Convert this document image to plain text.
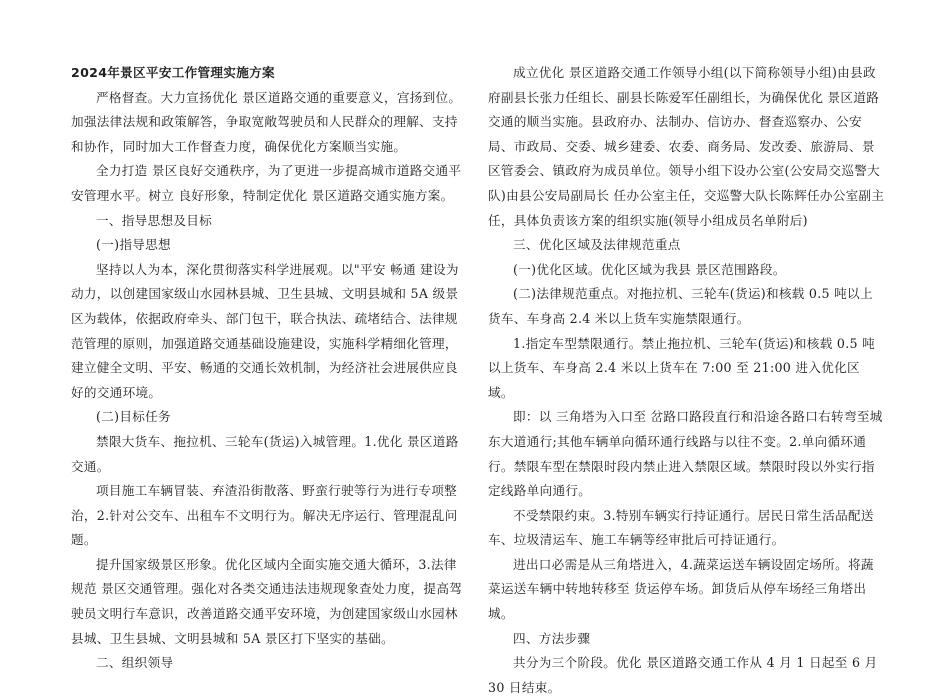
2024年景区平安工作管理实施方案

严格督查。大力宣扬优化 景区道路交通的重要意义，宫扬到位。加强法律法规和政策解答，争取宽敞驾驶员和人民群众的理解、支持和协作，同时加大工作督查力度，确保优化方案顺当实施。

全力打造 景区良好交通秩序，为了更进一步提高城市道路交通平安管理水平。树立 良好形象，特制定优化 景区道路交通实施方案。

一、指导思想及目标

(一)指导思想

坚持以人为本，深化贯彻落实科学进展观。以"平安 畅通 建设为动力，以创建国家级山水园林县城、卫生县城、文明县城和 5A 级景区为载体，依据政府牵头、部门包干，联合执法、疏堵结合、法律规范管理的原则，加强道路交通基础设施建设，实施科学精细化管理，建立健全文明、平安、畅通的交通长效机制，为经济社会进展供应良好的交通环境。

(二)目标任务

禁限大货车、拖拉机、三轮车(货运)入城管理。1.优化 景区道路交通。

项目施工车辆冒装、弃渣沿街散落、野蛮行驶等行为进行专项整治，2.针对公交车、出租车不文明行为。解决无序运行、管理混乱问题。

提升国家级景区形象。优化区域内全面实施交通大循环，3.法律规范 景区交通管理。强化对各类交通违法违规现象查处力度，提高驾驶员文明行车意识，改善道路交通平安环境，为创建国家级山水园林县城、卫生县城、文明县城和 5A 景区打下坚实的基础。

二、组织领导

成立优化 景区道路交通工作领导小组(以下简称领导小组)由县政府副县长张力任组长、副县长陈爱军任副组长，为确保优化 景区道路交通的顺当实施。县政府办、法制办、信访办、督查巡察办、公安局、市政局、交委、城乡建委、农委、商务局、发改委、旅游局、景区管委会、镇政府为成员单位。领导小组下设办公室(公安局交巡警大队)由县公安局副局长 任办公室主任，交巡警大队长陈辉任办公室副主任，具体负责该方案的组织实施(领导小组成员名单附后)

三、优化区域及法律规范重点

(一)优化区域。优化区域为我县 景区范围路段。

(二)法律规范重点。对拖拉机、三轮车(货运)和核载 0.5 吨以上货车、车身高 2.4 米以上货车实施禁限通行。

1.指定车型禁限通行。禁止拖拉机、三轮车(货运)和核载 0.5 吨以上货车、车身高 2.4 米以上货车在 7:00 至 21:00 进入优化区域。

即：以 三角塔为入口至 岔路口路段直行和沿途各路口右转弯至城东大道通行;其他车辆单向循环通行线路与以往不变。2.单向循环通行。禁限车型在禁限时段内禁止进入禁限区域。禁限时段以外实行指定线路单向通行。

不受禁限约束。3.特别车辆实行持证通行。居民日常生活品配送车、垃圾清运车、施工车辆等经审批后可持证通行。

进出口必需是从三角塔进入，4.蔬菜运送车辆设固定场所。将蔬菜运送车辆中转地转移至 货运停车场。卸货后从停车场经三角塔出城。

四、方法步骤

共分为三个阶段。优化 景区道路交通工作从 4 月 1 日起至 6 月 30 日结束。
